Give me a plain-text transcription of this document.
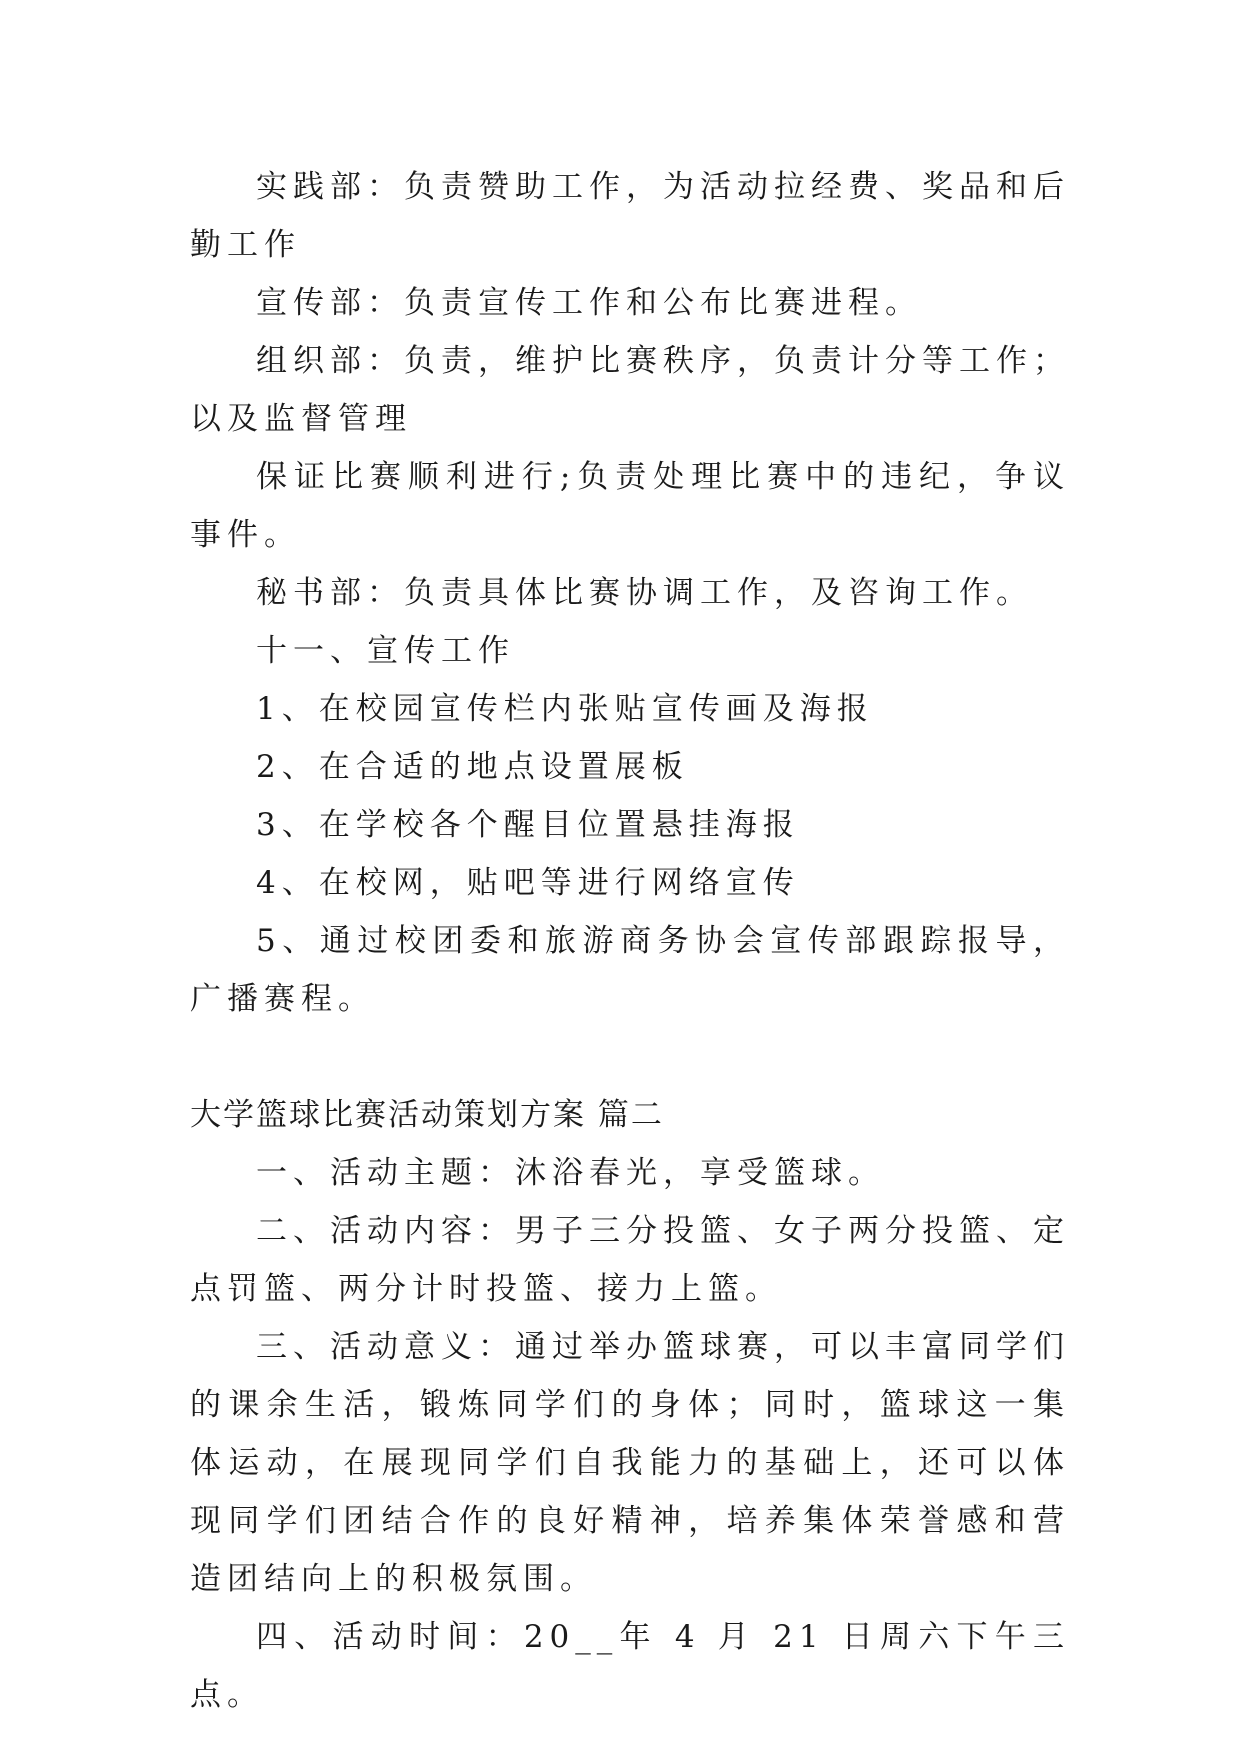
实践部：负责赞助工作，为活动拉经费、奖品和后勤工作

宣传部：负责宣传工作和公布比赛进程。

组织部：负责，维护比赛秩序，负责计分等工作；以及监督管理

保证比赛顺利进行;负责处理比赛中的违纪，争议事件。

秘书部：负责具体比赛协调工作，及咨询工作。

十一、宣传工作

1、在校园宣传栏内张贴宣传画及海报

2、在合适的地点设置展板

3、在学校各个醒目位置悬挂海报

4、在校网，贴吧等进行网络宣传

5、通过校团委和旅游商务协会宣传部跟踪报导，广播赛程。

大学篮球比赛活动策划方案 篇二

一、活动主题：沐浴春光，享受篮球。

二、活动内容：男子三分投篮、女子两分投篮、定点罚篮、两分计时投篮、接力上篮。

三、活动意义：通过举办篮球赛，可以丰富同学们的课余生活，锻炼同学们的身体；同时，篮球这一集体运动，在展现同学们自我能力的基础上，还可以体现同学们团结合作的良好精神，培养集体荣誉感和营造团结向上的积极氛围。

四、活动时间：20__年 4 月 21 日周六下午三点。
